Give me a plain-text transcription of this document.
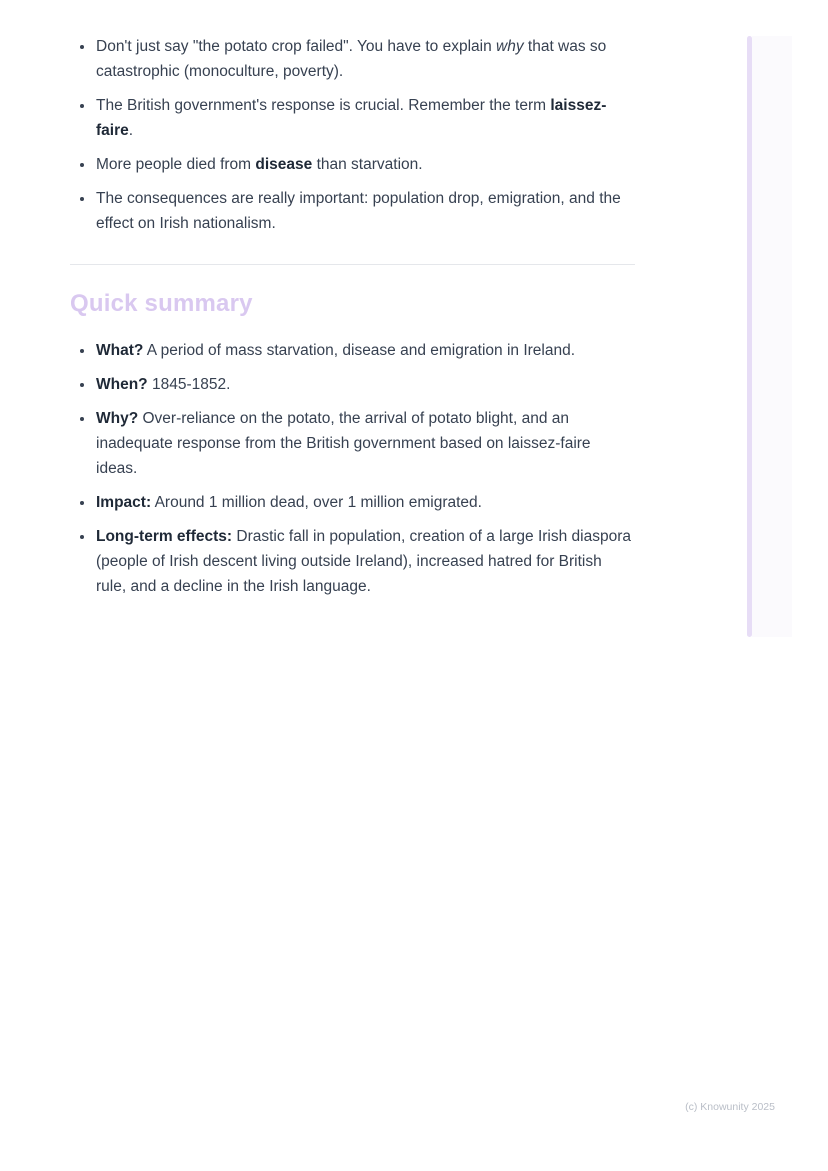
• Don't just say "the potato crop failed". You have to explain why that was so catastrophic (monoculture, poverty).
• The British government's response is crucial. Remember the term laissez-faire.
• More people died from disease than starvation.
• The consequences are really important: population drop, emigration, and the effect on Irish nationalism.
Quick summary
• What? A period of mass starvation, disease and emigration in Ireland.
• When? 1845-1852.
• Why? Over-reliance on the potato, the arrival of potato blight, and an inadequate response from the British government based on laissez-faire ideas.
• Impact: Around 1 million dead, over 1 million emigrated.
• Long-term effects: Drastic fall in population, creation of a large Irish diaspora (people of Irish descent living outside Ireland), increased hatred for British rule, and a decline in the Irish language.
(c) Knowunity 2025
